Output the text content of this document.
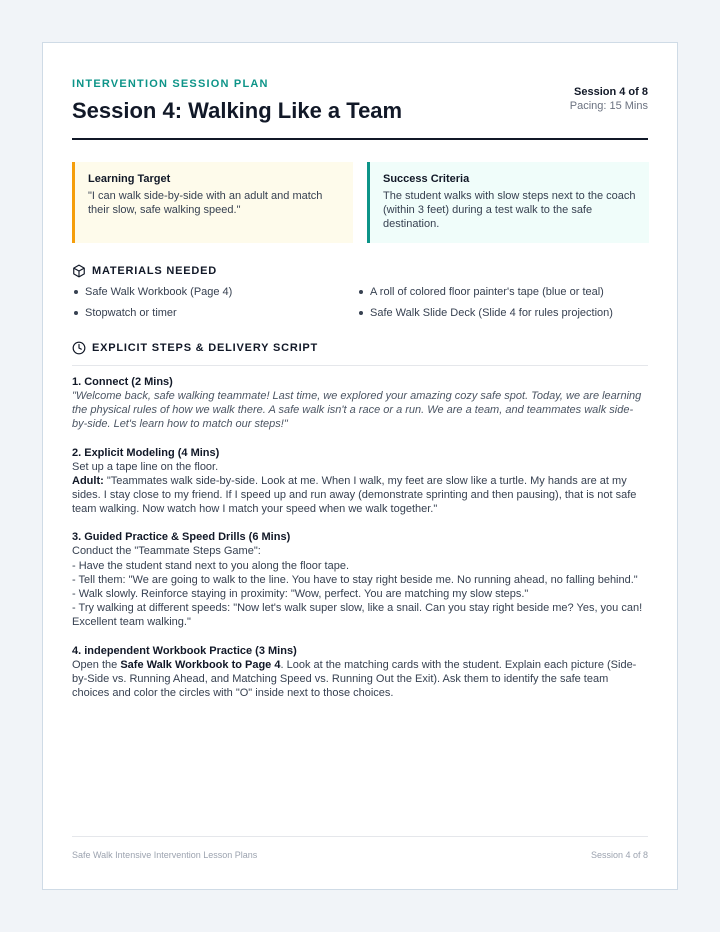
INTERVENTION SESSION PLAN
Session 4: Walking Like a Team
Session 4 of 8
Pacing: 15 Mins
Learning Target

"I can walk side-by-side with an adult and match their slow, safe walking speed."

Success Criteria

The student walks with slow steps next to the coach (within 3 feet) during a test walk to the safe destination.

MATERIALS NEEDED
Safe Walk Workbook (Page 4)	A roll of colored floor painter's tape (blue or teal)
Stopwatch or timer	Safe Walk Slide Deck (Slide 4 for rules projection)
EXPLICIT STEPS & DELIVERY SCRIPT
1. Connect (2 Mins)

"Welcome back, safe walking teammate! Last time, we explored your amazing cozy safe spot. Today, we are learning the physical rules of how we walk there. A safe walk isn't a race or a run. We are a team, and teammates walk side-by-side. Let's learn how to match our steps!"

2. Explicit Modeling (4 Mins)

Set up a tape line on the floor.

Adult: "Teammates walk side-by-side. Look at me. When I walk, my feet are slow like a turtle. My hands are at my sides. I stay close to my friend. If I speed up and run away (demonstrate sprinting and then pausing), that is not safe team walking. Now watch how I match your speed when we walk together."

3. Guided Practice & Speed Drills (6 Mins)

Conduct the "Teammate Steps Game":

- Have the student stand next to you along the floor tape.

- Tell them: "We are going to walk to the line. You have to stay right beside me. No running ahead, no falling behind."

- Walk slowly. Reinforce staying in proximity: "Wow, perfect. You are matching my slow steps."

- Try walking at different speeds: "Now let's walk super slow, like a snail. Can you stay right beside me? Yes, you can! Excellent team walking."

4. independent Workbook Practice (3 Mins)

Open the Safe Walk Workbook to Page 4. Look at the matching cards with the student. Explain each picture (Side-by-Side vs. Running Ahead, and Matching Speed vs. Running Out the Exit). Ask them to identify the safe team choices and color the circles with "O" inside next to those choices.

Safe Walk Intensive Intervention Lesson Plans	Session 4 of 8
